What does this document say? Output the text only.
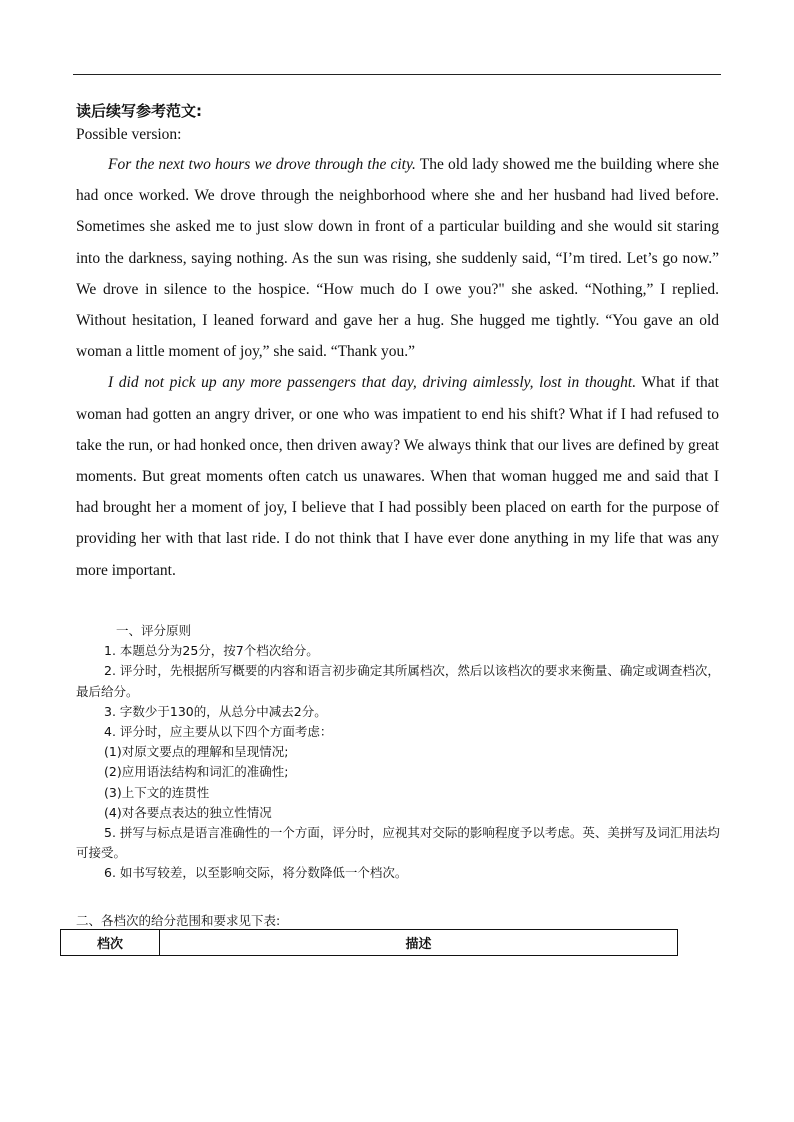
读后续写参考范文:
Possible version:

For the next two hours we drove through the city. The old lady showed me the building where she had once worked. We drove through the neighborhood where she and her husband had lived before. Sometimes she asked me to just slow down in front of a particular building and she would sit staring into the darkness, saying nothing. As the sun was rising, she suddenly said, “I’m tired. Let’s go now.” We drove in silence to the hospice. “How much do I owe you?" she asked. “Nothing,” I replied. Without hesitation, I leaned forward and gave her a hug. She hugged me tightly. “You gave an old woman a little moment of joy,” she said. “Thank you.”

I did not pick up any more passengers that day, driving aimlessly, lost in thought. What if that woman had gotten an angry driver, or one who was impatient to end his shift? What if I had refused to take the run, or had honked once, then driven away? We always think that our lives are defined by great moments. But great moments often catch us unawares. When that woman hugged me and said that I had brought her a moment of joy, I believe that I had possibly been placed on earth for the purpose of providing her with that last ride. I do not think that I have ever done anything in my life that was any more important.

一、评分原则
1. 本题总分为25分，按7个档次给分。
2. 评分时，先根据所写概要的内容和语言初步确定其所属档次，然后以该档次的要求来衡量、确定或调查档次，最后给分。
3. 字数少于130的，从总分中减去2分。
4. 评分时，应主要从以下四个方面考虑：
(1)对原文要点的理解和呈现情况;
(2)应用语法结构和词汇的准确性;
(3)上下文的连贯性
(4)对各要点表达的独立性情况
5. 拼写与标点是语言准确性的一个方面，评分时，应视其对交际的影响程度予以考虑。英、美拼写及词汇用法均可接受。
6. 如书写较差，以至影响交际，将分数降低一个档次。
二、各档次的给分范围和要求见下表:
档次	描述
